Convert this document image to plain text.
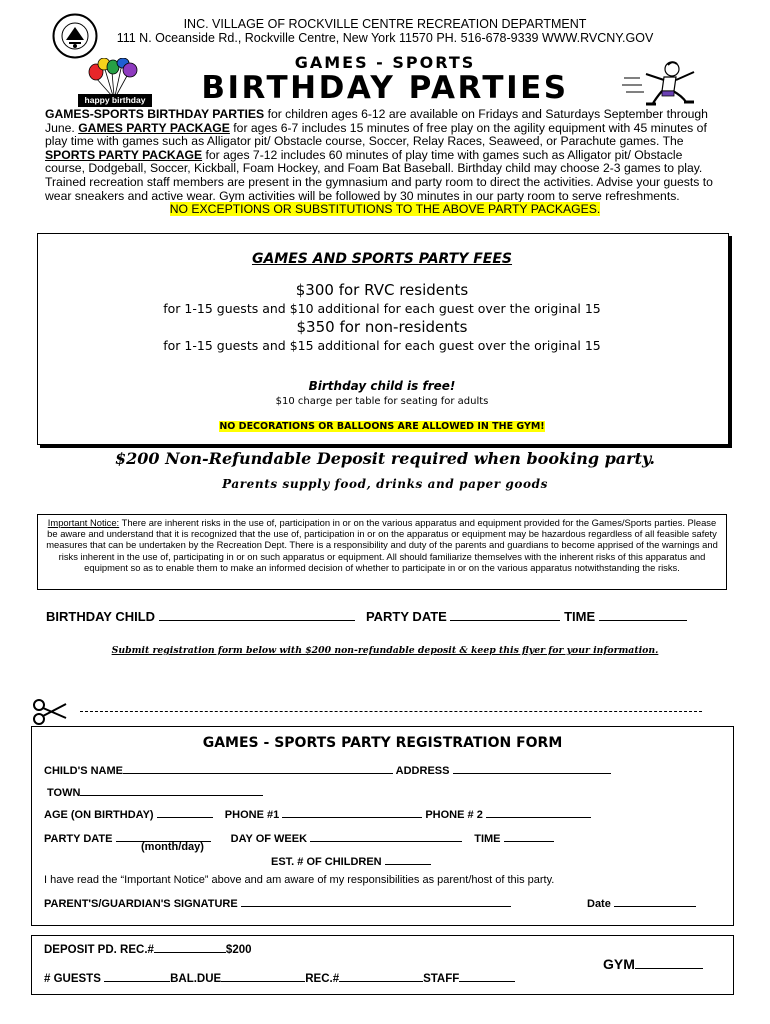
INC. VILLAGE OF ROCKVILLE CENTRE RECREATION DEPARTMENT
111 N. Oceanside Rd., Rockville Centre, New York 11570 PH. 516-678-9339 WWW.RVCNY.GOV
GAMES - SPORTS
BIRTHDAY PARTIES
happy birthday
GAMES-SPORTS BIRTHDAY PARTIES for children ages 6-12 are available on Fridays and Saturdays September through June. GAMES PARTY PACKAGE for ages 6-7 includes 15 minutes of free play on the agility equipment with 45 minutes of play time with games such as Alligator pit/ Obstacle course, Soccer, Relay Races, Seaweed, or Parachute games. The SPORTS PARTY PACKAGE for ages 7-12 includes 60 minutes of play time with games such as Alligator pit/ Obstacle course, Dodgeball, Soccer, Kickball, Foam Hockey, and Foam Bat Baseball. Birthday child may choose 2-3 games to play. Trained recreation staff members are present in the gymnasium and party room to direct the activities. Advise your guests to wear sneakers and active wear. Gym activities will be followed by 30 minutes in our party room to serve refreshments.
NO EXCEPTIONS OR SUBSTITUTIONS TO THE ABOVE PARTY PACKAGES.
GAMES AND SPORTS PARTY FEES
$300 for RVC residents
for 1-15 guests and $10 additional for each guest over the original 15
$350 for non-residents
for 1-15 guests and $15 additional for each guest over the original 15
Birthday child is free!
$10 charge per table for seating for adults
NO DECORATIONS OR BALLOONS ARE ALLOWED IN THE GYM!
$200 Non-Refundable Deposit required when booking party.
Parents supply food, drinks and paper goods
Important Notice: There are inherent risks in the use of, participation in or on the various apparatus and equipment provided for the Games/Sports parties. Please be aware and understand that it is recognized that the use of, participation in or on the apparatus or equipment may be hazardous regardless of all feasible safety measures that can be undertaken by the Recreation Dept. There is a responsibility and duty of the parents and guardians to become apprised of the warnings and risks inherent in the use of, participating in or on such apparatus or equipment. All should familiarize themselves with the inherent risks of this apparatus and equipment so as to enable them to make an informed decision of whether to participate in or on the various apparatus notwithstanding the risks.
BIRTHDAY CHILD	PARTY DATE	TIME
Submit registration form below with $200 non-refundable deposit & keep this flyer for your information.
GAMES - SPORTS PARTY REGISTRATION FORM
CHILD'S NAME	ADDRESS
TOWN
AGE (ON BIRTHDAY)	PHONE #1	PHONE # 2
PARTY DATE	DAY OF WEEK	TIME
(month/day)
EST. # OF CHILDREN
I have read the “Important Notice” above and am aware of my responsibilities as parent/host of this party.
PARENT'S/GUARDIAN'S SIGNATURE	Date
DEPOSIT PD. REC.#	$200
# GUESTS	BAL.DUE	REC.#	STAFF
GYM
